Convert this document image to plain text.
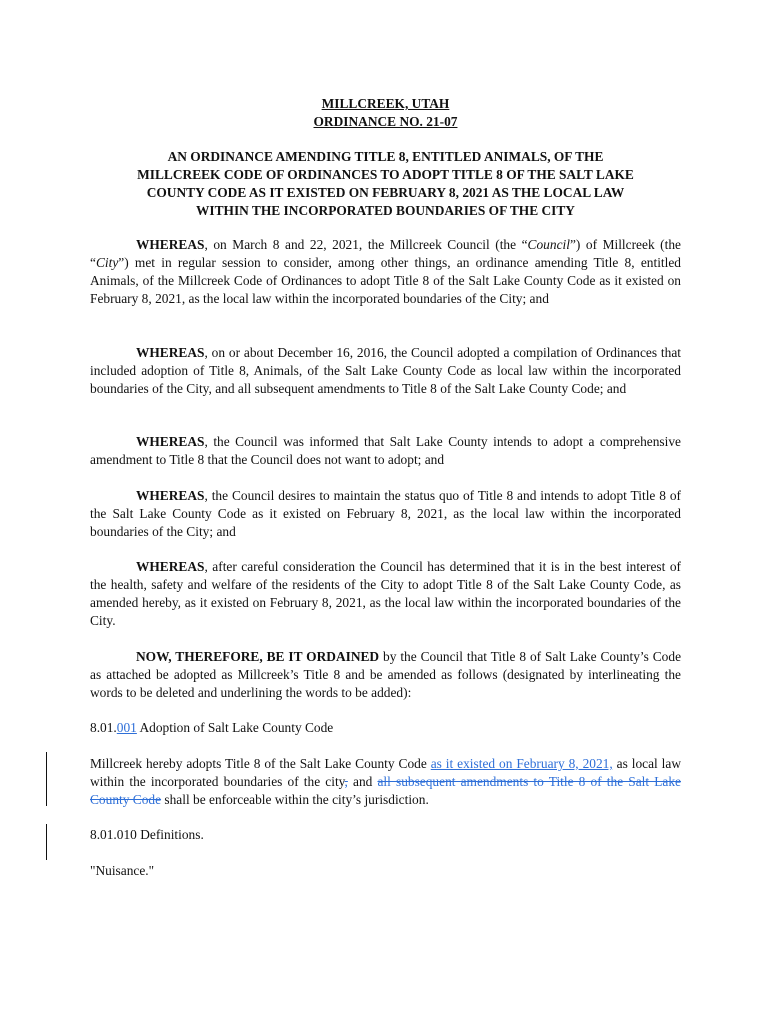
MILLCREEK, UTAH
ORDINANCE NO. 21-07
AN ORDINANCE AMENDING TITLE 8, ENTITLED ANIMALS, OF THE
MILLCREEK CODE OF ORDINANCES TO ADOPT TITLE 8 OF THE SALT LAKE
COUNTY CODE AS IT EXISTED ON FEBRUARY 8, 2021 AS THE LOCAL LAW
WITHIN THE INCORPORATED BOUNDARIES OF THE CITY

WHEREAS, on March 8 and 22, 2021, the Millcreek Council (the “Council”) of Millcreek (the “City”) met in regular session to consider, among other things, an ordinance amending Title 8, entitled Animals, of the Millcreek Code of Ordinances to adopt Title 8 of the Salt Lake County Code as it existed on February 8, 2021, as the local law within the incorporated boundaries of the City; and

WHEREAS, on or about December 16, 2016, the Council adopted a compilation of Ordinances that included adoption of Title 8, Animals, of the Salt Lake County Code as local law within the incorporated boundaries of the City, and all subsequent amendments to Title 8 of the Salt Lake County Code; and

WHEREAS, the Council was informed that Salt Lake County intends to adopt a comprehensive amendment to Title 8 that the Council does not want to adopt; and

WHEREAS, the Council desires to maintain the status quo of Title 8 and intends to adopt Title 8 of the Salt Lake County Code as it existed on February 8, 2021, as the local law within the incorporated boundaries of the City; and

WHEREAS, after careful consideration the Council has determined that it is in the best interest of the health, safety and welfare of the residents of the City to adopt Title 8 of the Salt Lake County Code, as amended hereby, as it existed on February 8, 2021, as the local law within the incorporated boundaries of the City.

NOW, THEREFORE, BE IT ORDAINED by the Council that Title 8 of Salt Lake County’s Code as attached be adopted as Millcreek’s Title 8 and be amended as follows (designated by interlineating the words to be deleted and underlining the words to be added):

8.01.001 Adoption of Salt Lake County Code

Millcreek hereby adopts Title 8 of the Salt Lake County Code as it existed on February 8, 2021, as local law within the incorporated boundaries of the city, and all subsequent amendments to Title 8 of the Salt Lake County Code shall be enforceable within the city’s jurisdiction.

8.01.010 Definitions.

"Nuisance."
